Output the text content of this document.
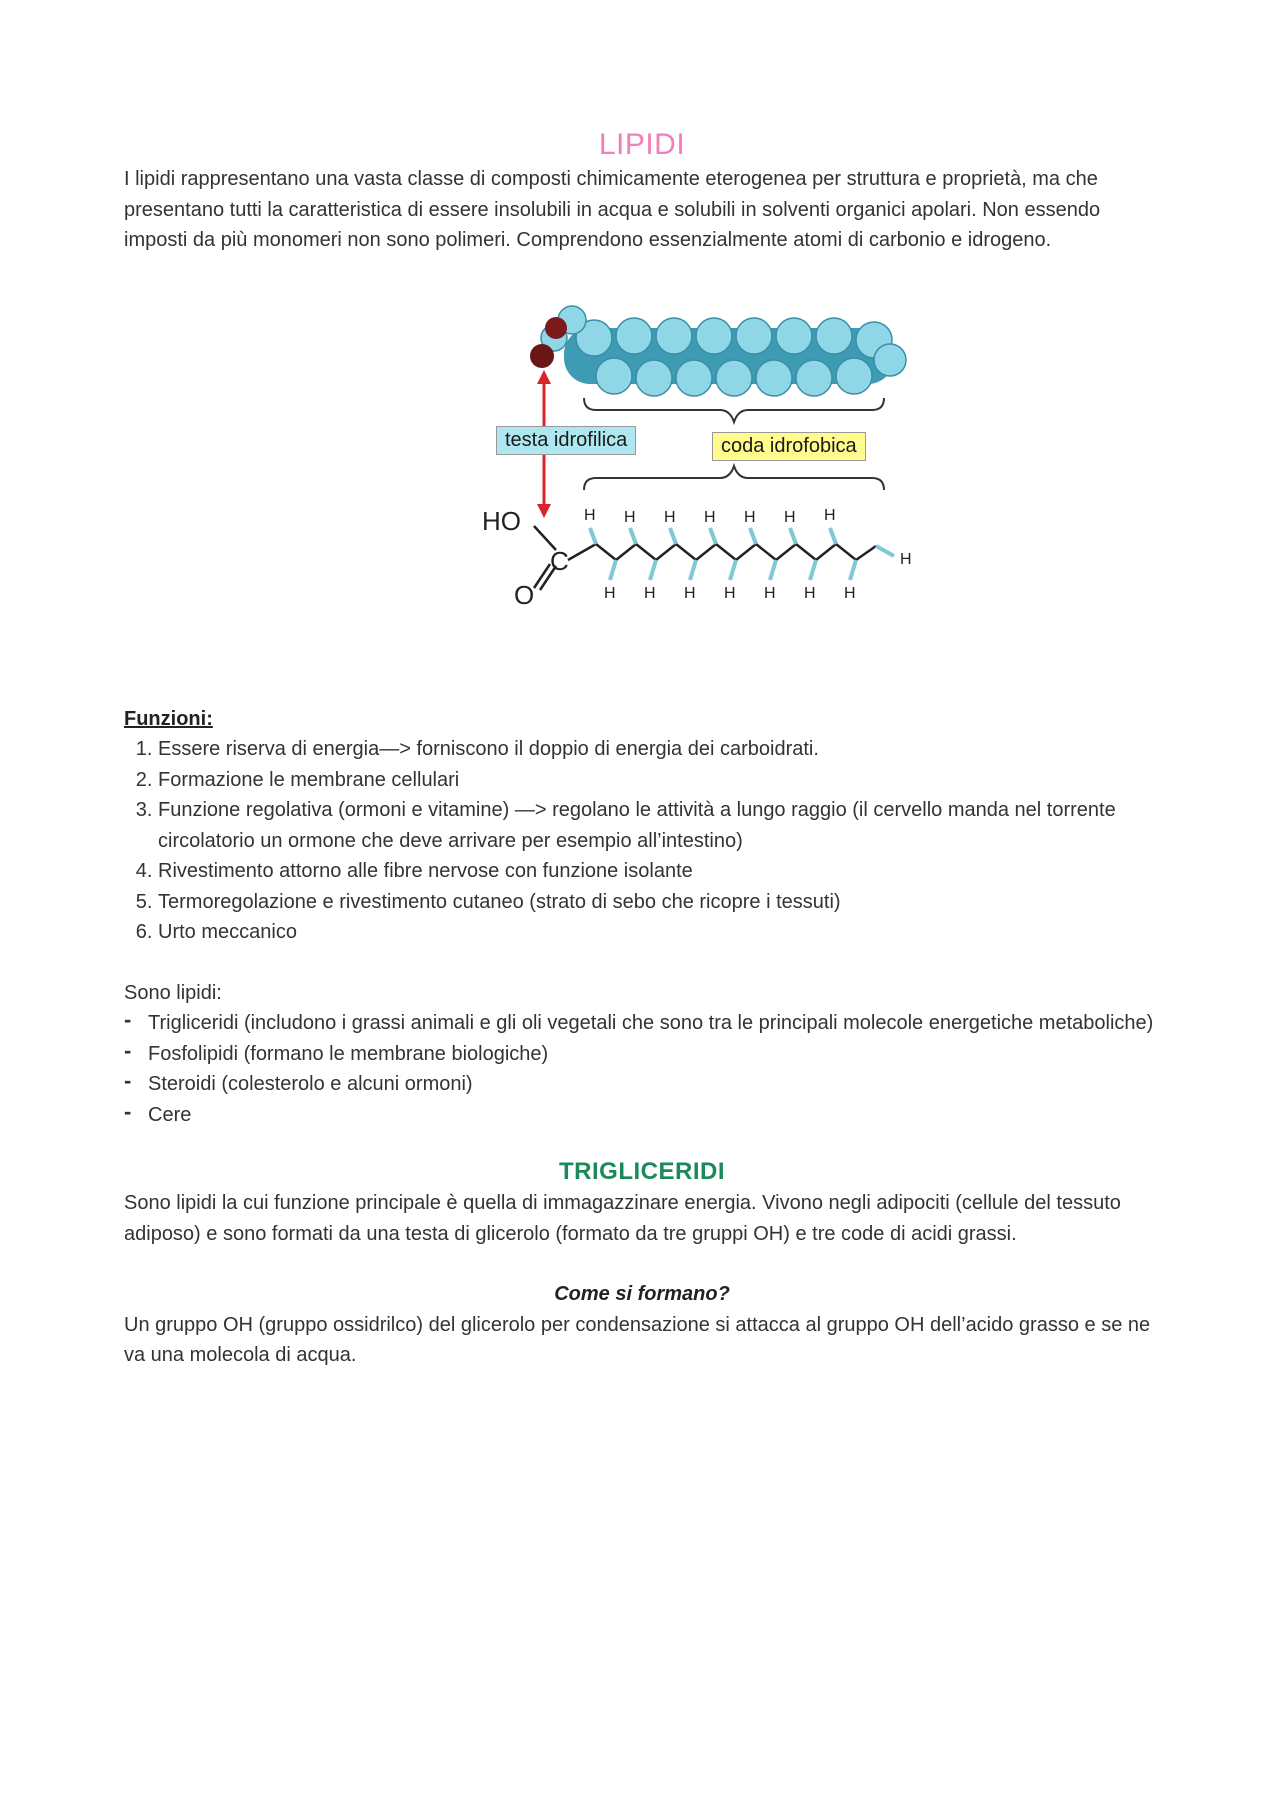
LIPIDI

I lipidi rappresentano una vasta classe di composti chimicamente eterogenea per struttura e proprietà, ma che presentano tutti la caratteristica di essere insolubili in acqua e solubili in solventi organici apolari. Non essendo imposti da più monomeri non sono polimeri. Comprendono essenzialmente atomi di carbonio e idrogeno.

HO
C
O
H H H H H H H
H
H H H H H H H
testa idrofilica	coda idrofobica

Funzioni:

1. Essere riserva di energia—> forniscono il doppio di energia dei carboidrati.
2. Formazione le membrane cellulari
3. Funzione regolativa (ormoni e vitamine) —> regolano le attività a lungo raggio (il cervello manda nel torrente circolatorio un ormone che deve arrivare per esempio all’intestino)
4. Rivestimento attorno alle fibre nervose con funzione isolante
5. Termoregolazione e rivestimento cutaneo (strato di sebo che ricopre i tessuti)
6. Urto meccanico

Sono lipidi:

- Trigliceridi (includono i grassi animali e gli oli vegetali che sono tra le principali molecole energetiche metaboliche)
- Fosfolipidi (formano le membrane biologiche)
- Steroidi (colesterolo e alcuni ormoni)
- Cere
TRIGLICERIDI

Sono lipidi la cui funzione principale è quella di immagazzinare energia. Vivono negli adipociti (cellule del tessuto adiposo) e sono formati da una testa di glicerolo (formato da tre gruppi OH) e tre code di acidi grassi.

Come si formano?

Un gruppo OH (gruppo ossidrilco) del glicerolo per condensazione si attacca al gruppo OH dell’acido grasso e se ne va una molecola di acqua.
